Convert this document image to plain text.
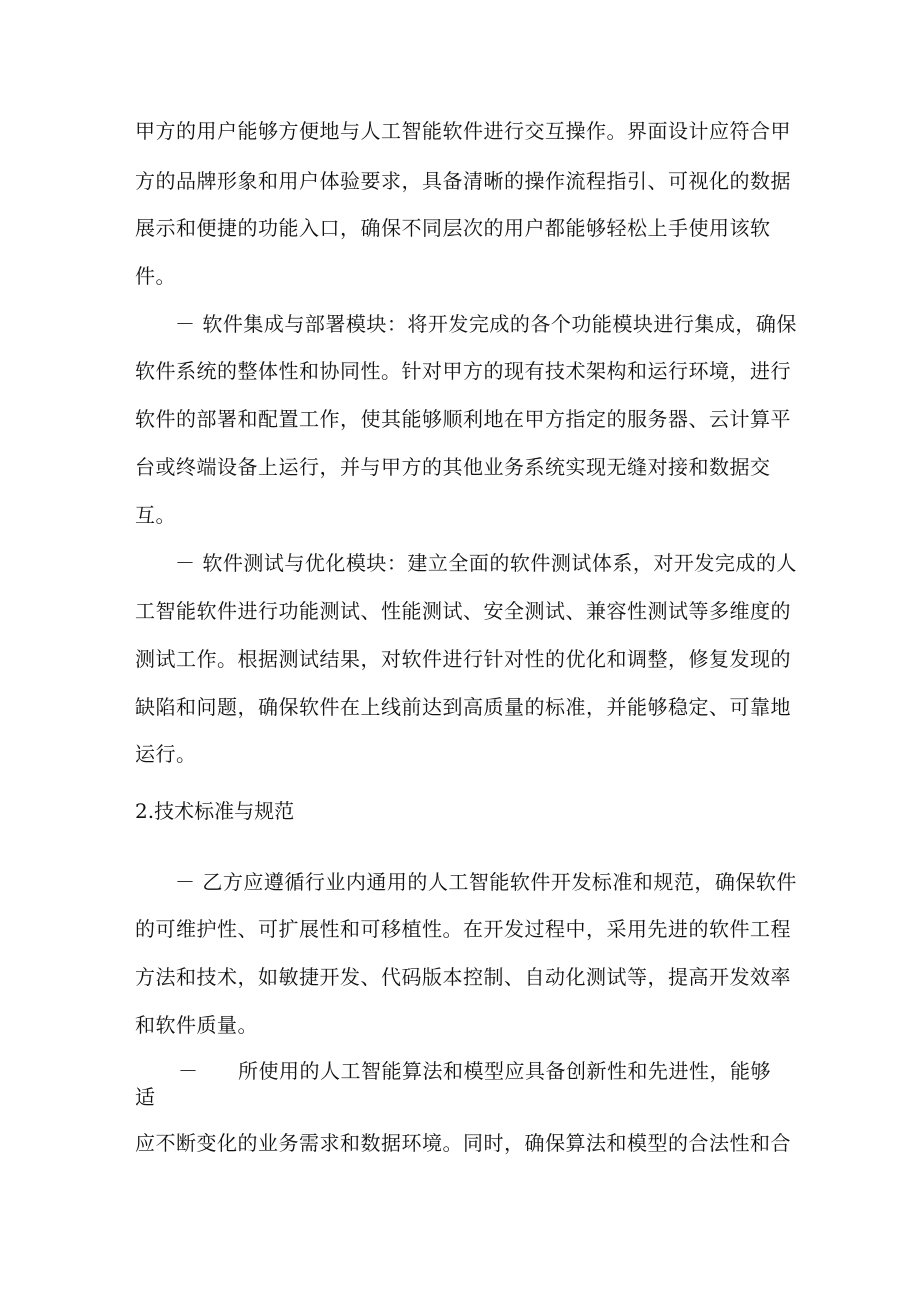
甲方的用户能够方便地与人工智能软件进行交互操作。界面设计应符合甲
方的品牌形象和用户体验要求，具备清晰的操作流程指引、可视化的数据
展示和便捷的功能入口，确保不同层次的用户都能够轻松上手使用该软
件。
－ 软件集成与部署模块：将开发完成的各个功能模块进行集成，确保
软件系统的整体性和协同性。针对甲方的现有技术架构和运行环境，进行
软件的部署和配置工作，使其能够顺利地在甲方指定的服务器、云计算平
台或终端设备上运行，并与甲方的其他业务系统实现无缝对接和数据交
互。
－ 软件测试与优化模块：建立全面的软件测试体系，对开发完成的人
工智能软件进行功能测试、性能测试、安全测试、兼容性测试等多维度的
测试工作。根据测试结果，对软件进行针对性的优化和调整，修复发现的
缺陷和问题，确保软件在上线前达到高质量的标准，并能够稳定、可靠地
运行。
2.技术标准与规范
－ 乙方应遵循行业内通用的人工智能软件开发标准和规范，确保软件
的可维护性、可扩展性和可移植性。在开发过程中，采用先进的软件工程
方法和技术，如敏捷开发、代码版本控制、自动化测试等，提高开发效率
和软件质量。
－ 所使用的人工智能算法和模型应具备创新性和先进性，能够
适
应不断变化的业务需求和数据环境。同时，确保算法和模型的合法性和合
